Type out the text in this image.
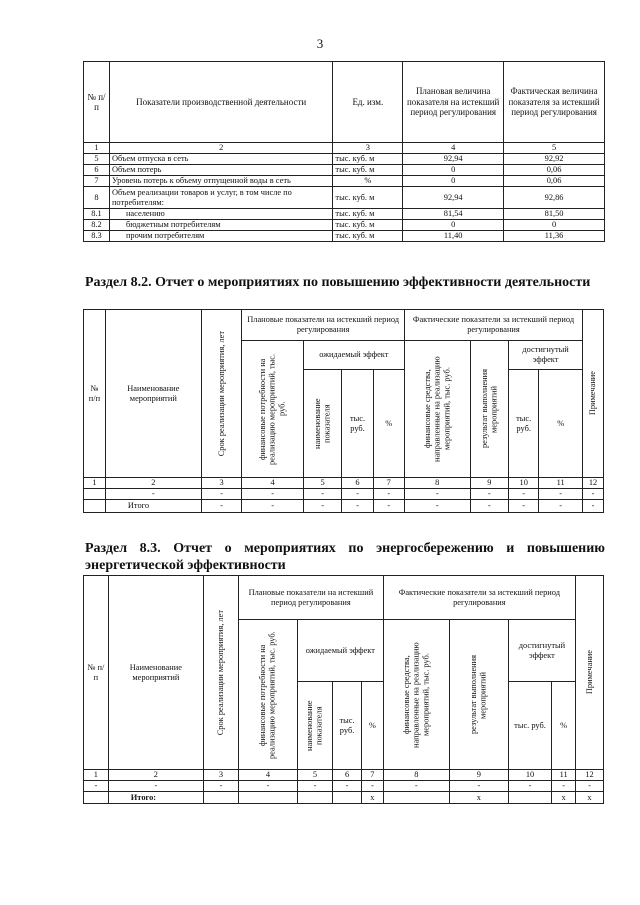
3
№ п/п	Показатели производственной деятельности	Ед. изм.	Плановая величина показателя на истекший период регулирования	Фактическая величина показателя за истекший период регулирования
1	2	3	4	5
5	Объем отпуска в сеть	тыс. куб. м	92,94	92,92
6	Объем потерь	тыс. куб. м	0	0,06
7	Уровень потерь к объему отпущенной воды в сеть	%	0	0,06
8	Объем реализации товаров и услуг, в том числе по потребителям:	тыс. куб. м	92,94	92,86
8.1	населению	тыс. куб. м	81,54	81,50
8.2	бюджетным потребителям	тыс. куб. м	0	0
8.3	прочим потребителям	тыс. куб. м	11,40	11,36
Раздел 8.2. Отчет о мероприятиях по повышению эффективности деятельности
№ п/п	Наименование мероприятий	Срок реализации мероприятия, лет	Плановые показатели на истекший период регулирования				Фактические показатели за истекший период регулирования				Примечание

			финансовые потребности на реализацию мероприятий, тыс. руб.	ожидаемый эффект			финансовые средства, направленные на реализацию мероприятий, тыс. руб.	результат выполнения мероприятий	достигнутый эффект		

				наименование показателя	тыс. руб.	%			тыс. руб.	%	
1	2	3	4	5	6	7	8	9	10	11	12
	-	-	-	-	-	-	-	-	-	-	-
	Итого	-	-	-	-	-	-	-	-	-	-
Раздел 8.3. Отчет о мероприятиях по энергосбережению и повышению энергетической эффективности
№ п/п	Наименование мероприятий	Срок реализации мероприятия, лет	Плановые показатели на истекший период регулирования				Фактические показатели за истекший период регулирования				Примечание

			финансовые потребности на реализацию мероприятий, тыс. руб.	ожидаемый эффект			финансовые средства, направленные на реализацию мероприятий, тыс. руб.	результат выполнения мероприятий	достигнутый эффект		

				наименование показателя	тыс. руб.	%			тыс. руб.	%	
1	2	3	4	5	6	7	8	9	10	11	12
-	-	-	-	-	-	-	-	-	-	-	-
	Итого:					x		x		x	x
